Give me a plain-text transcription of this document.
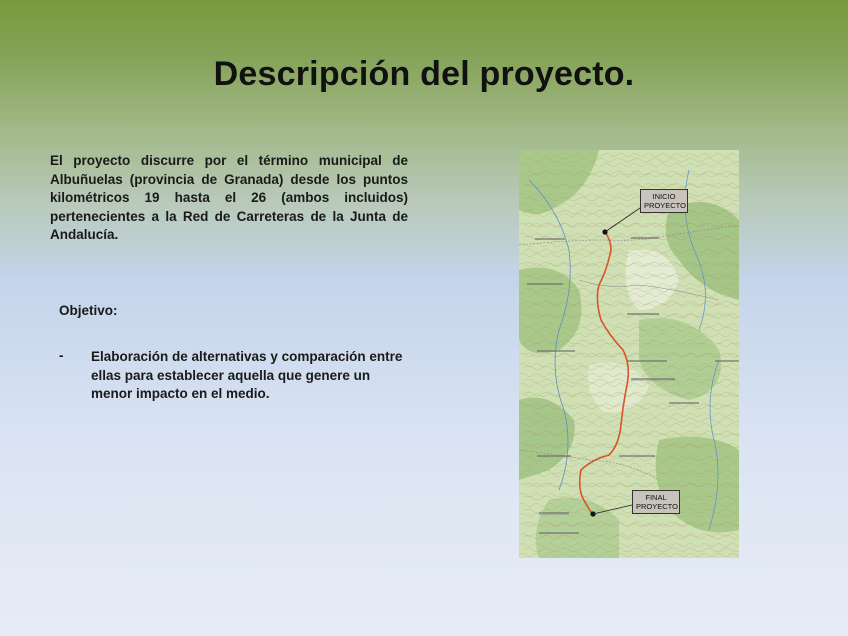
Descripción del proyecto.
El proyecto discurre por el término municipal de Albuñuelas (provincia de Granada) desde los puntos kilométricos 19 hasta el 26 (ambos incluidos) pertenecientes a la Red de Carreteras de la Junta de Andalucía.
Objetivo:
- Elaboración de alternativas y comparación entre ellas para establecer aquella que genere un menor impacto en el medio.
INICIO
PROYECTO
FINAL
PROYECTO
